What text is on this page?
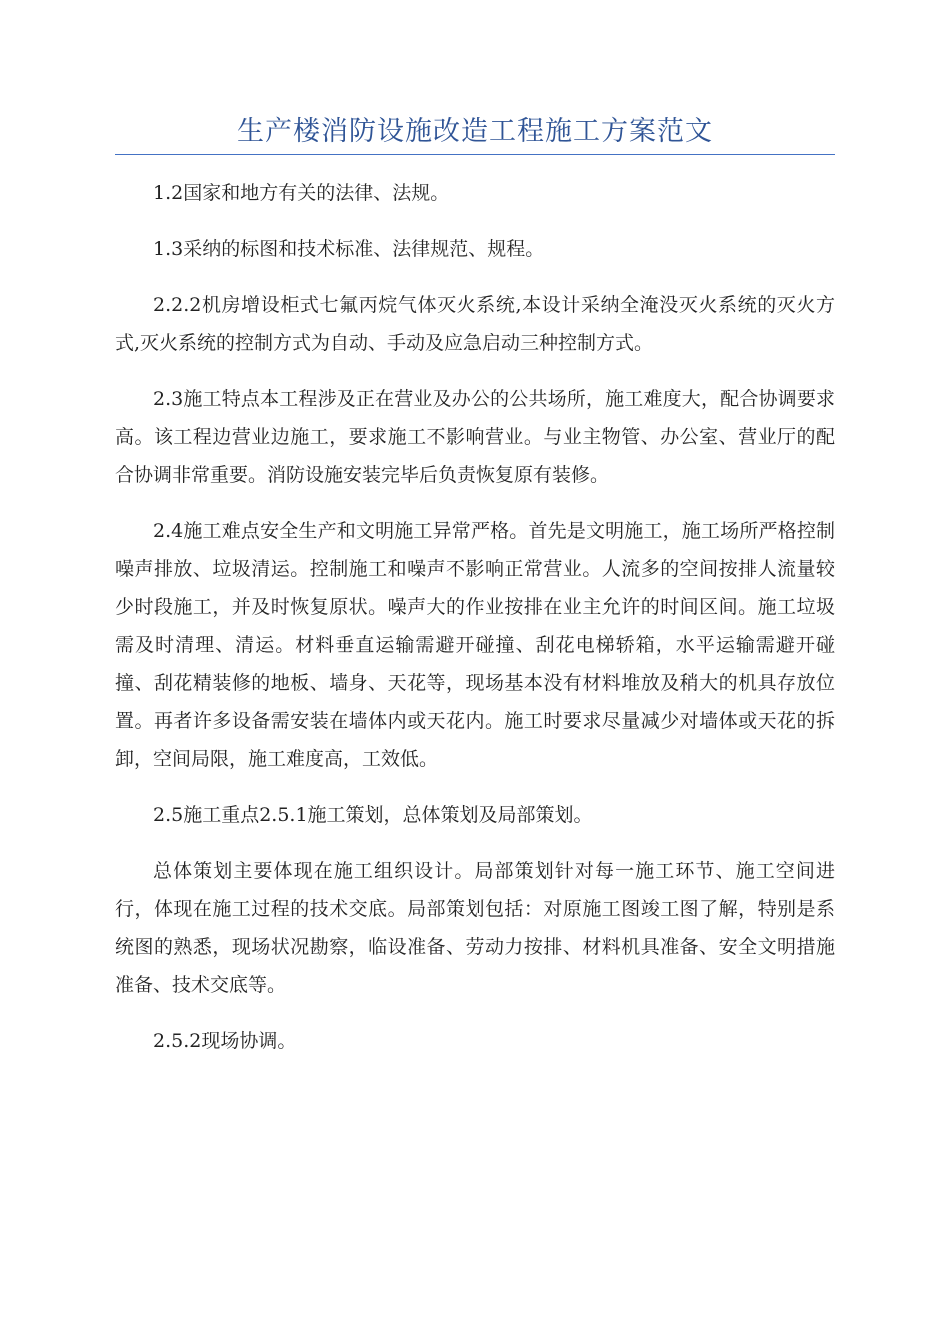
生产楼消防设施改造工程施工方案范文

1.2国家和地方有关的法律、法规。

1.3采纳的标图和技术标准、法律规范、规程。

2.2.2机房增设柜式七氟丙烷气体灭火系统,本设计采纳全淹没灭火系统的灭火方式,灭火系统的控制方式为自动、手动及应急启动三种控制方式。

2.3施工特点本工程涉及正在营业及办公的公共场所，施工难度大，配合协调要求高。该工程边营业边施工，要求施工不影响营业。与业主物管、办公室、营业厅的配合协调非常重要。消防设施安装完毕后负责恢复原有装修。

2.4施工难点安全生产和文明施工异常严格。首先是文明施工，施工场所严格控制噪声排放、垃圾清运。控制施工和噪声不影响正常营业。人流多的空间按排人流量较少时段施工，并及时恢复原状。噪声大的作业按排在业主允许的时间区间。施工垃圾需及时清理、清运。材料垂直运输需避开碰撞、刮花电梯轿箱，水平运输需避开碰撞、刮花精装修的地板、墙身、天花等，现场基本没有材料堆放及稍大的机具存放位置。再者许多设备需安装在墙体内或天花内。施工时要求尽量减少对墙体或天花的拆卸，空间局限，施工难度高，工效低。

2.5施工重点2.5.1施工策划，总体策划及局部策划。

总体策划主要体现在施工组织设计。局部策划针对每一施工环节、施工空间进行，体现在施工过程的技术交底。局部策划包括：对原施工图竣工图了解，特别是系统图的熟悉，现场状况勘察，临设准备、劳动力按排、材料机具准备、安全文明措施准备、技术交底等。

2.5.2现场协调。
